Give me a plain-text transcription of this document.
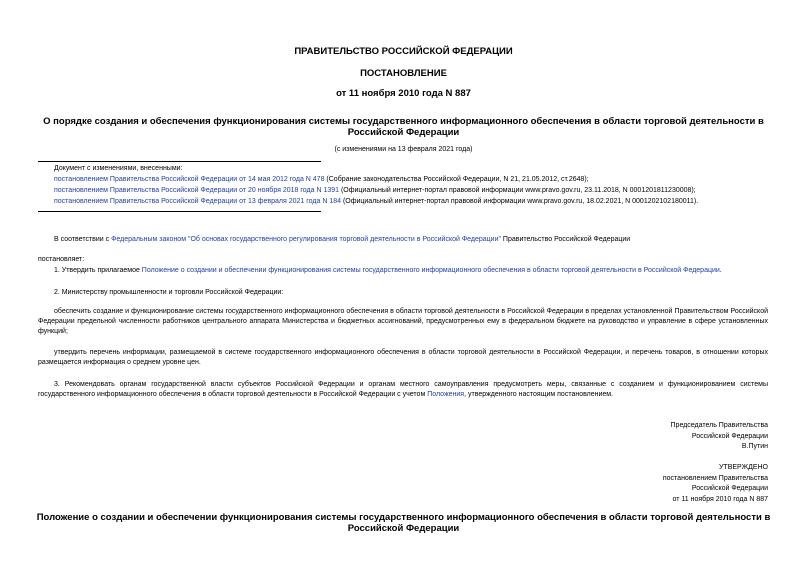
ПРАВИТЕЛЬСТВО РОССИЙСКОЙ ФЕДЕРАЦИИ
ПОСТАНОВЛЕНИЕ
от 11 ноября 2010 года N 887
О порядке создания и обеспечения функционирования системы государственного информационного обеспечения в области торговой деятельности в
Российской Федерации
(с изменениями на 13 февраля 2021 года)
Документ с изменениями, внесенными:
постановлением Правительства Российской Федерации от 14 мая 2012 года N 478 (Собрание законодательства Российской Федерации, N 21, 21.05.2012, ст.2648);
постановлением Правительства Российской Федерации от 20 ноября 2018 года N 1391 (Официальный интернет-портал правовой информации www.pravo.gov.ru, 23.11.2018, N 0001201811230008);
постановлением Правительства Российской Федерации от 13 февраля 2021 года N 184 (Официальный интернет-портал правовой информации www.pravo.gov.ru, 18.02.2021, N 0001202102180011).
В соответствии с Федеральным законом "Об основах государственного регулирования торговой деятельности в Российской Федерации" Правительство Российской Федерации
постановляет:
1. Утвердить прилагаемое Положение о создании и обеспечении функционирования системы государственного информационного обеспечения в области торговой деятельности в Российской Федерации.
2. Министерству промышленности и торговли Российской Федерации:
обеспечить создание и функционирование системы государственного информационного обеспечения в области торговой деятельности в Российской Федерации в пределах установленной Правительством Российской Федерации предельной численности работников центрального аппарата Министерства и бюджетных ассигнований, предусмотренных ему в федеральном бюджете на руководство и управление в сфере установленных функций;
утвердить перечень информации, размещаемой в системе государственного информационного обеспечения в области торговой деятельности в Российской Федерации, и перечень товаров, в отношении которых размещается информация о среднем уровне цен.
3. Рекомендовать органам государственной власти субъектов Российской Федерации и органам местного самоуправления предусмотреть меры, связанные с созданием и функционированием системы государственного информационного обеспечения в области торговой деятельности в Российской Федерации с учетом Положения, утвержденного настоящим постановлением.
Председатель Правительства
Российской Федерации
В.Путин
УТВЕРЖДЕНО
постановлением Правительства
Российской Федерации
от 11 ноября 2010 года N 887
Положение о создании и обеспечении функционирования системы государственного информационного обеспечения в области торговой деятельности в
Российской Федерации
